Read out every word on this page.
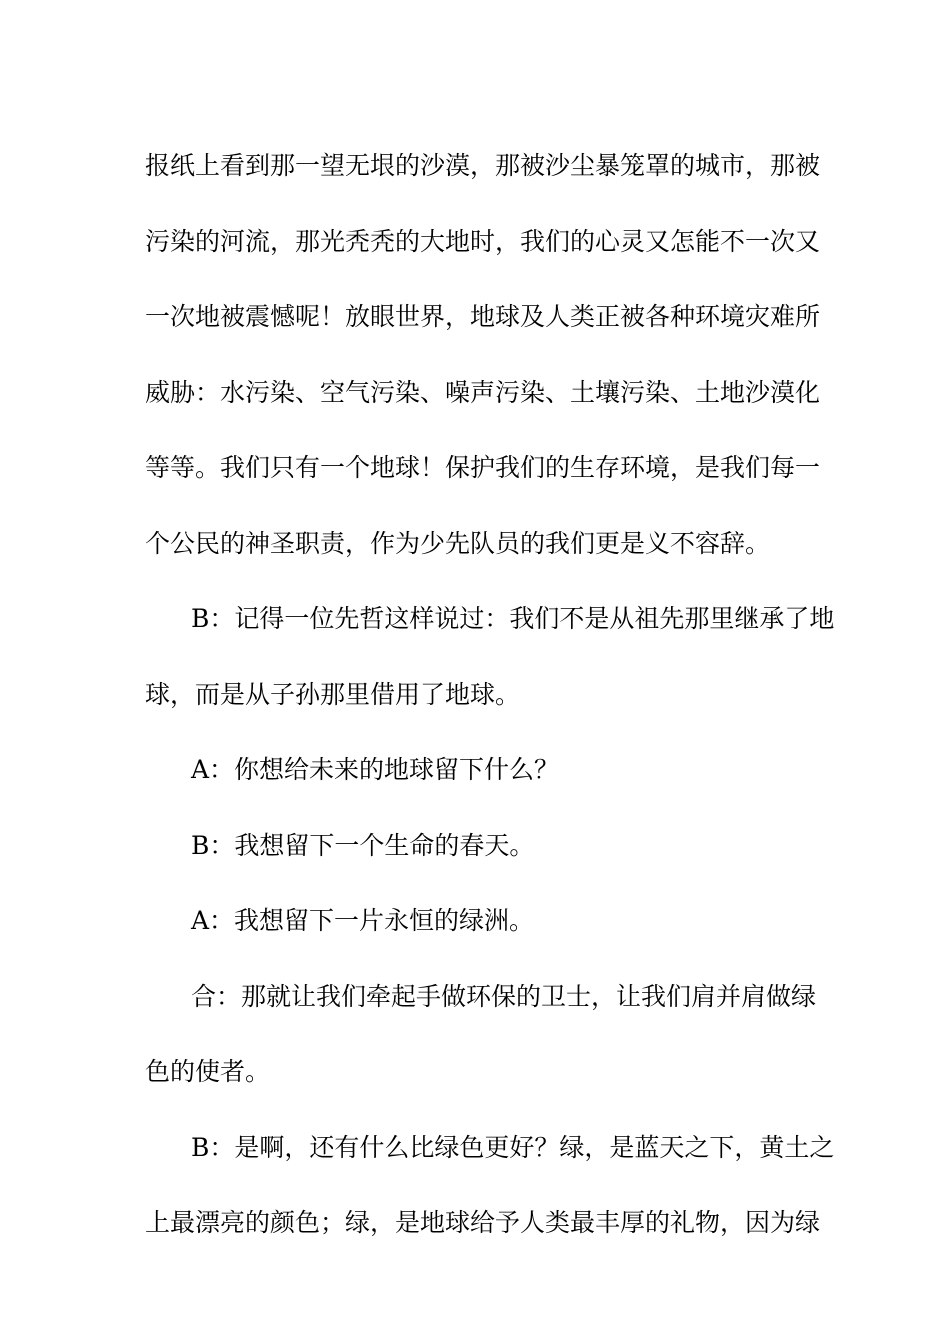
报纸上看到那一望无垠的沙漠，那被沙尘暴笼罩的城市，那被
污染的河流，那光秃秃的大地时，我们的心灵又怎能不一次又
一次地被震憾呢！放眼世界，地球及人类正被各种环境灾难所
威胁：水污染、空气污染、噪声污染、土壤污染、土地沙漠化
等等。我们只有一个地球！保护我们的生存环境，是我们每一
个公民的神圣职责，作为少先队员的我们更是义不容辞。
B：记得一位先哲这样说过：我们不是从祖先那里继承了地
球，而是从子孙那里借用了地球。
A：你想给未来的地球留下什么？
B：我想留下一个生命的春天。
A：我想留下一片永恒的绿洲。
合：那就让我们牵起手做环保的卫士，让我们肩并肩做绿
色的使者。
B：是啊，还有什么比绿色更好？绿，是蓝天之下，黄土之
上最漂亮的颜色；绿，是地球给予人类最丰厚的礼物，因为绿
